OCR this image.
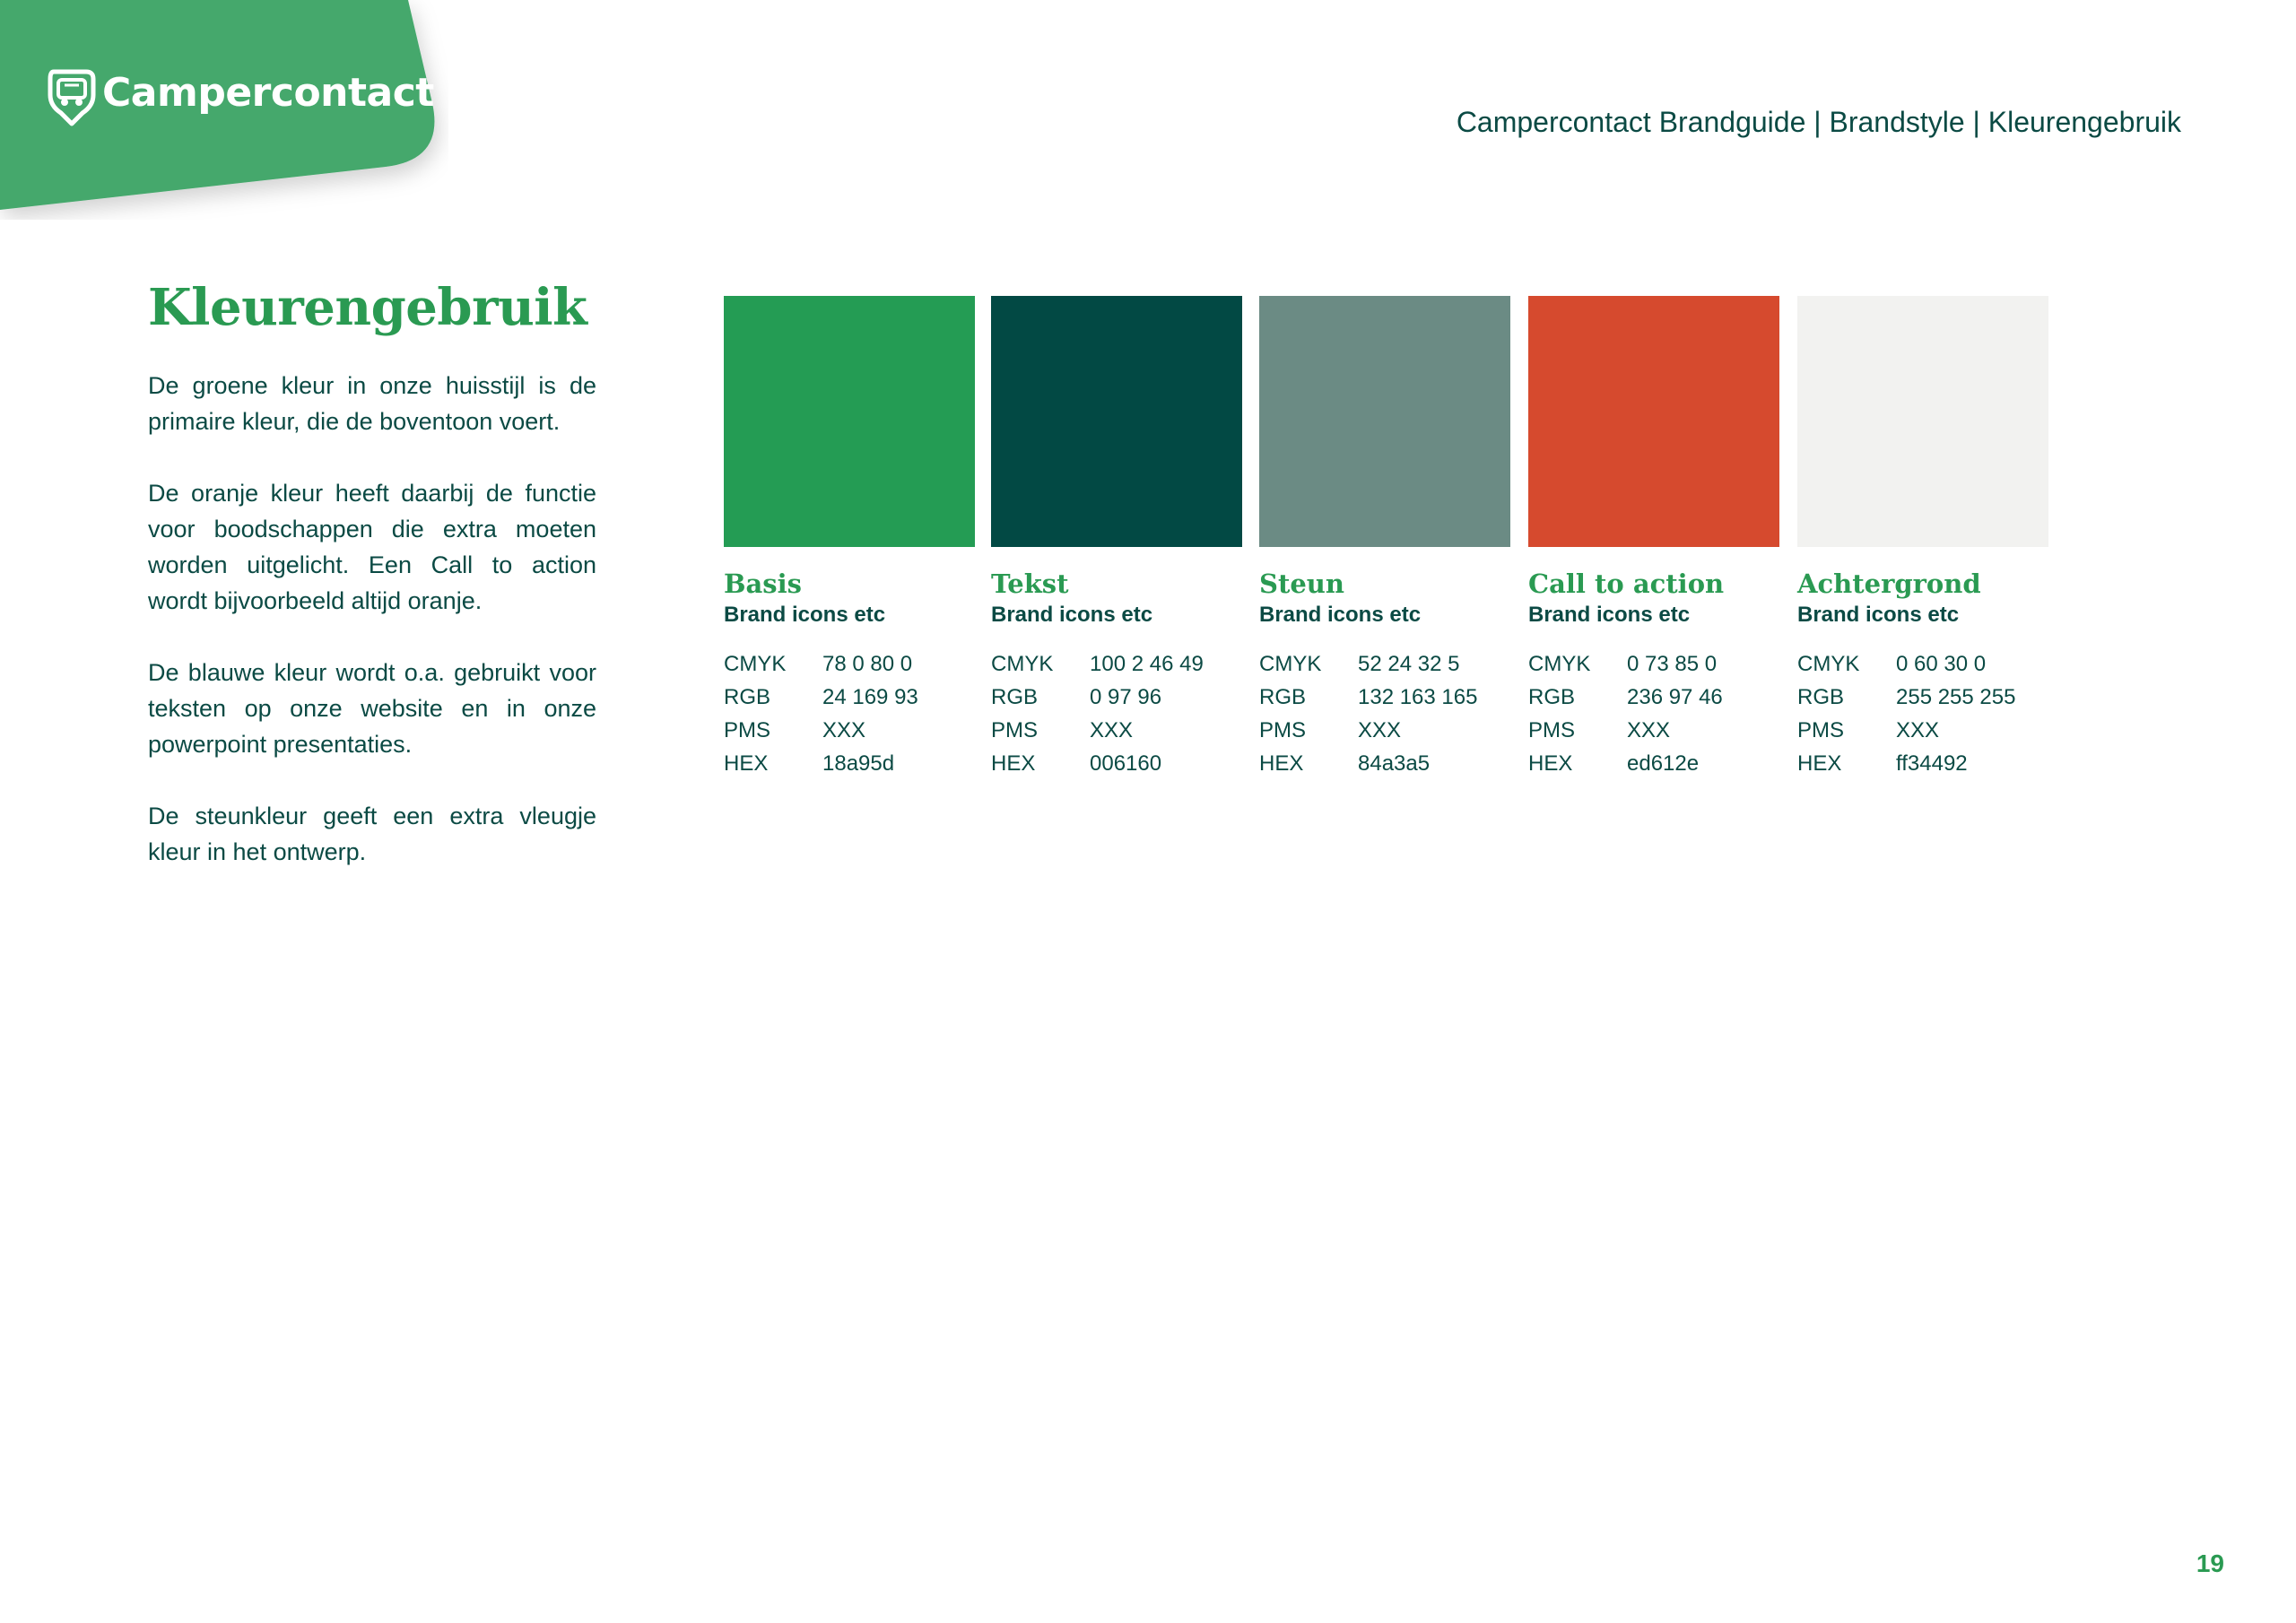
Campercontact
Campercontact Brandguide | Brandstyle | Kleurengebruik
Kleurengebruik

De groene kleur in onze huisstijl is de primaire kleur, die de boventoon voert.

De oranje kleur heeft daarbij de functie voor boodschappen die extra moeten worden uitgelicht. Een Call to action wordt bijvoorbeeld altijd oranje.

De blauwe kleur wordt o.a. gebruikt voor teksten op onze website en in onze powerpoint presentaties.

De steunkleur geeft een extra vleugje kleur in het ontwerp.

Basis
Brand icons etc
CMYK	78 0 80 0
RGB	24 169 93
PMS	XXX
HEX	18a95d
Tekst
Brand icons etc
CMYK	100 2 46 49
RGB	0 97 96
PMS	XXX
HEX	006160
Steun
Brand icons etc
CMYK	52 24 32 5
RGB	132 163 165
PMS	XXX
HEX	84a3a5
Call to action
Brand icons etc
CMYK	0 73 85 0
RGB	236 97 46
PMS	XXX
HEX	ed612e
Achtergrond
Brand icons etc
CMYK	0 60 30 0
RGB	255 255 255
PMS	XXX
HEX	ff34492
19
